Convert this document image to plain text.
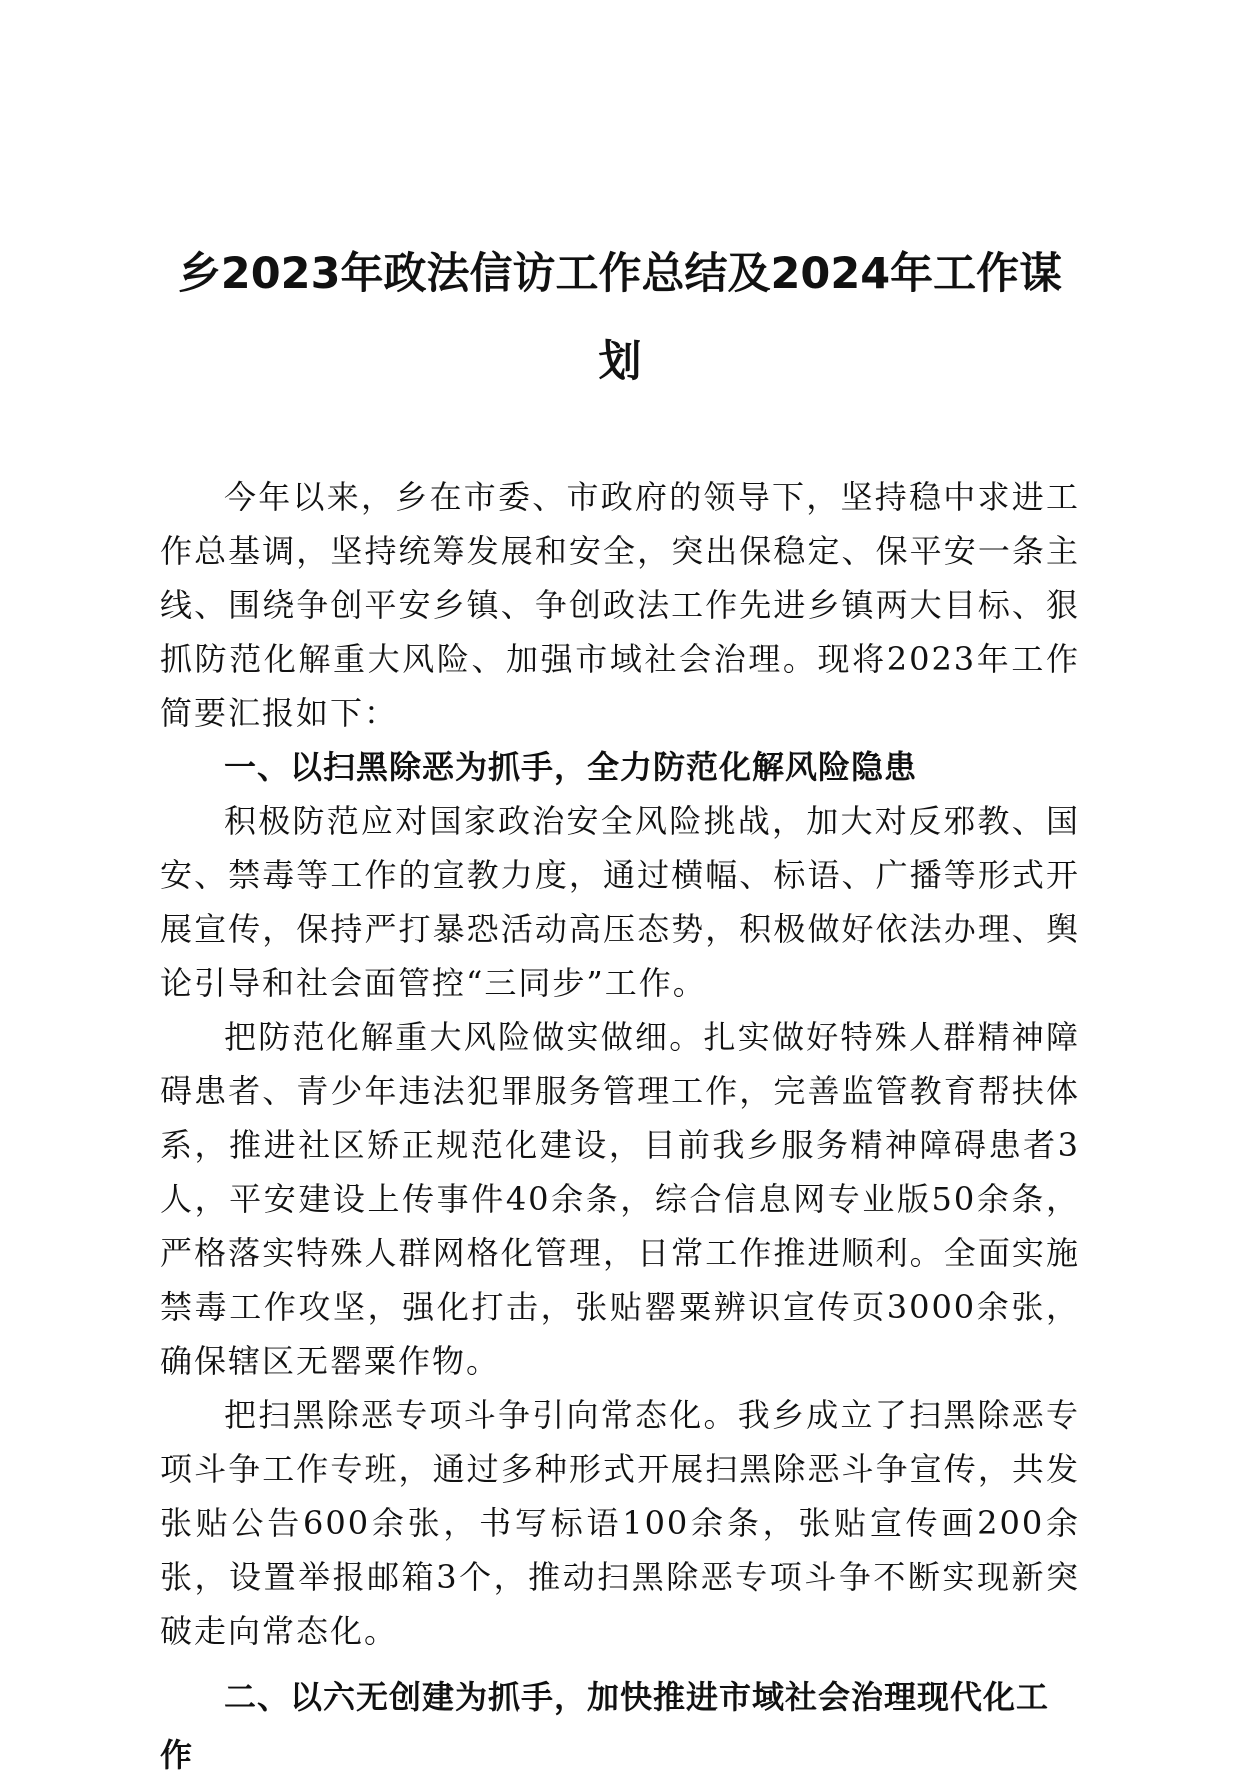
乡2023年政法信访工作总结及2024年工作谋
划

今年以来，乡在市委、市政府的领导下，坚持稳中求进工作总基调，坚持统筹发展和安全，突出保稳定、保平安一条主线、围绕争创平安乡镇、争创政法工作先进乡镇两大目标、狠抓防范化解重大风险、加强市域社会治理。现将2023年工作简要汇报如下：

一、以扫黑除恶为抓手，全力防范化解风险隐患

积极防范应对国家政治安全风险挑战，加大对反邪教、国安、禁毒等工作的宣教力度，通过横幅、标语、广播等形式开展宣传，保持严打暴恐活动高压态势，积极做好依法办理、舆论引导和社会面管控“三同步”工作。

把防范化解重大风险做实做细。扎实做好特殊人群精神障碍患者、青少年违法犯罪服务管理工作，完善监管教育帮扶体系，推进社区矫正规范化建设，目前我乡服务精神障碍患者3人，平安建设上传事件40余条，综合信息网专业版50余条，严格落实特殊人群网格化管理，日常工作推进顺利。全面实施禁毒工作攻坚，强化打击，张贴罂粟辨识宣传页3000余张，确保辖区无罂粟作物。

把扫黑除恶专项斗争引向常态化。我乡成立了扫黑除恶专项斗争工作专班，通过多种形式开展扫黑除恶斗争宣传，共发张贴公告600余张，书写标语100余条，张贴宣传画200余张，设置举报邮箱3个，推动扫黑除恶专项斗争不断实现新突破走向常态化。

二、以六无创建为抓手，加快推进市域社会治理现代化工作
